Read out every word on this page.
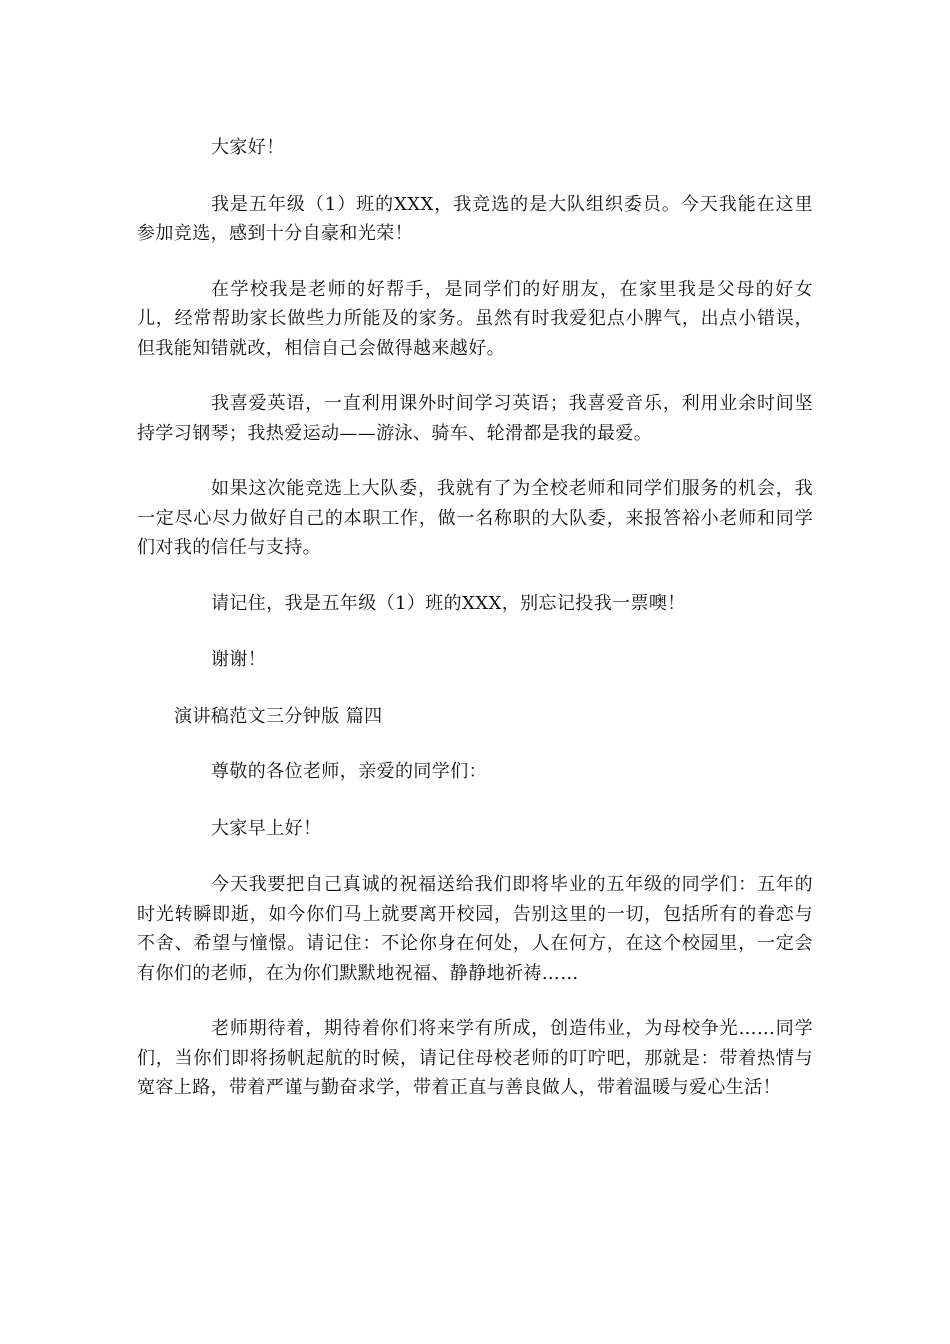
大家好！

我是五年级（1）班的XXX，我竞选的是大队组织委员。今天我能在这里参加竞选，感到十分自豪和光荣！

在学校我是老师的好帮手，是同学们的好朋友，在家里我是父母的好女儿，经常帮助家长做些力所能及的家务。虽然有时我爱犯点小脾气，出点小错误，但我能知错就改，相信自己会做得越来越好。

我喜爱英语，一直利用课外时间学习英语；我喜爱音乐，利用业余时间坚持学习钢琴；我热爱运动——游泳、骑车、轮滑都是我的最爱。

如果这次能竞选上大队委，我就有了为全校老师和同学们服务的机会，我一定尽心尽力做好自己的本职工作，做一名称职的大队委，来报答裕小老师和同学们对我的信任与支持。

请记住，我是五年级（1）班的XXX，别忘记投我一票噢！

谢谢！

演讲稿范文三分钟版 篇四

尊敬的各位老师，亲爱的同学们：

大家早上好！

今天我要把自己真诚的祝福送给我们即将毕业的五年级的同学们：五年的时光转瞬即逝，如今你们马上就要离开校园，告别这里的一切，包括所有的眷恋与不舍、希望与憧憬。请记住：不论你身在何处，人在何方，在这个校园里，一定会有你们的老师，在为你们默默地祝福、静静地祈祷……

老师期待着，期待着你们将来学有所成，创造伟业，为母校争光……同学们，当你们即将扬帆起航的时候，请记住母校老师的叮咛吧，那就是：带着热情与宽容上路，带着严谨与勤奋求学，带着正直与善良做人，带着温暖与爱心生活！
